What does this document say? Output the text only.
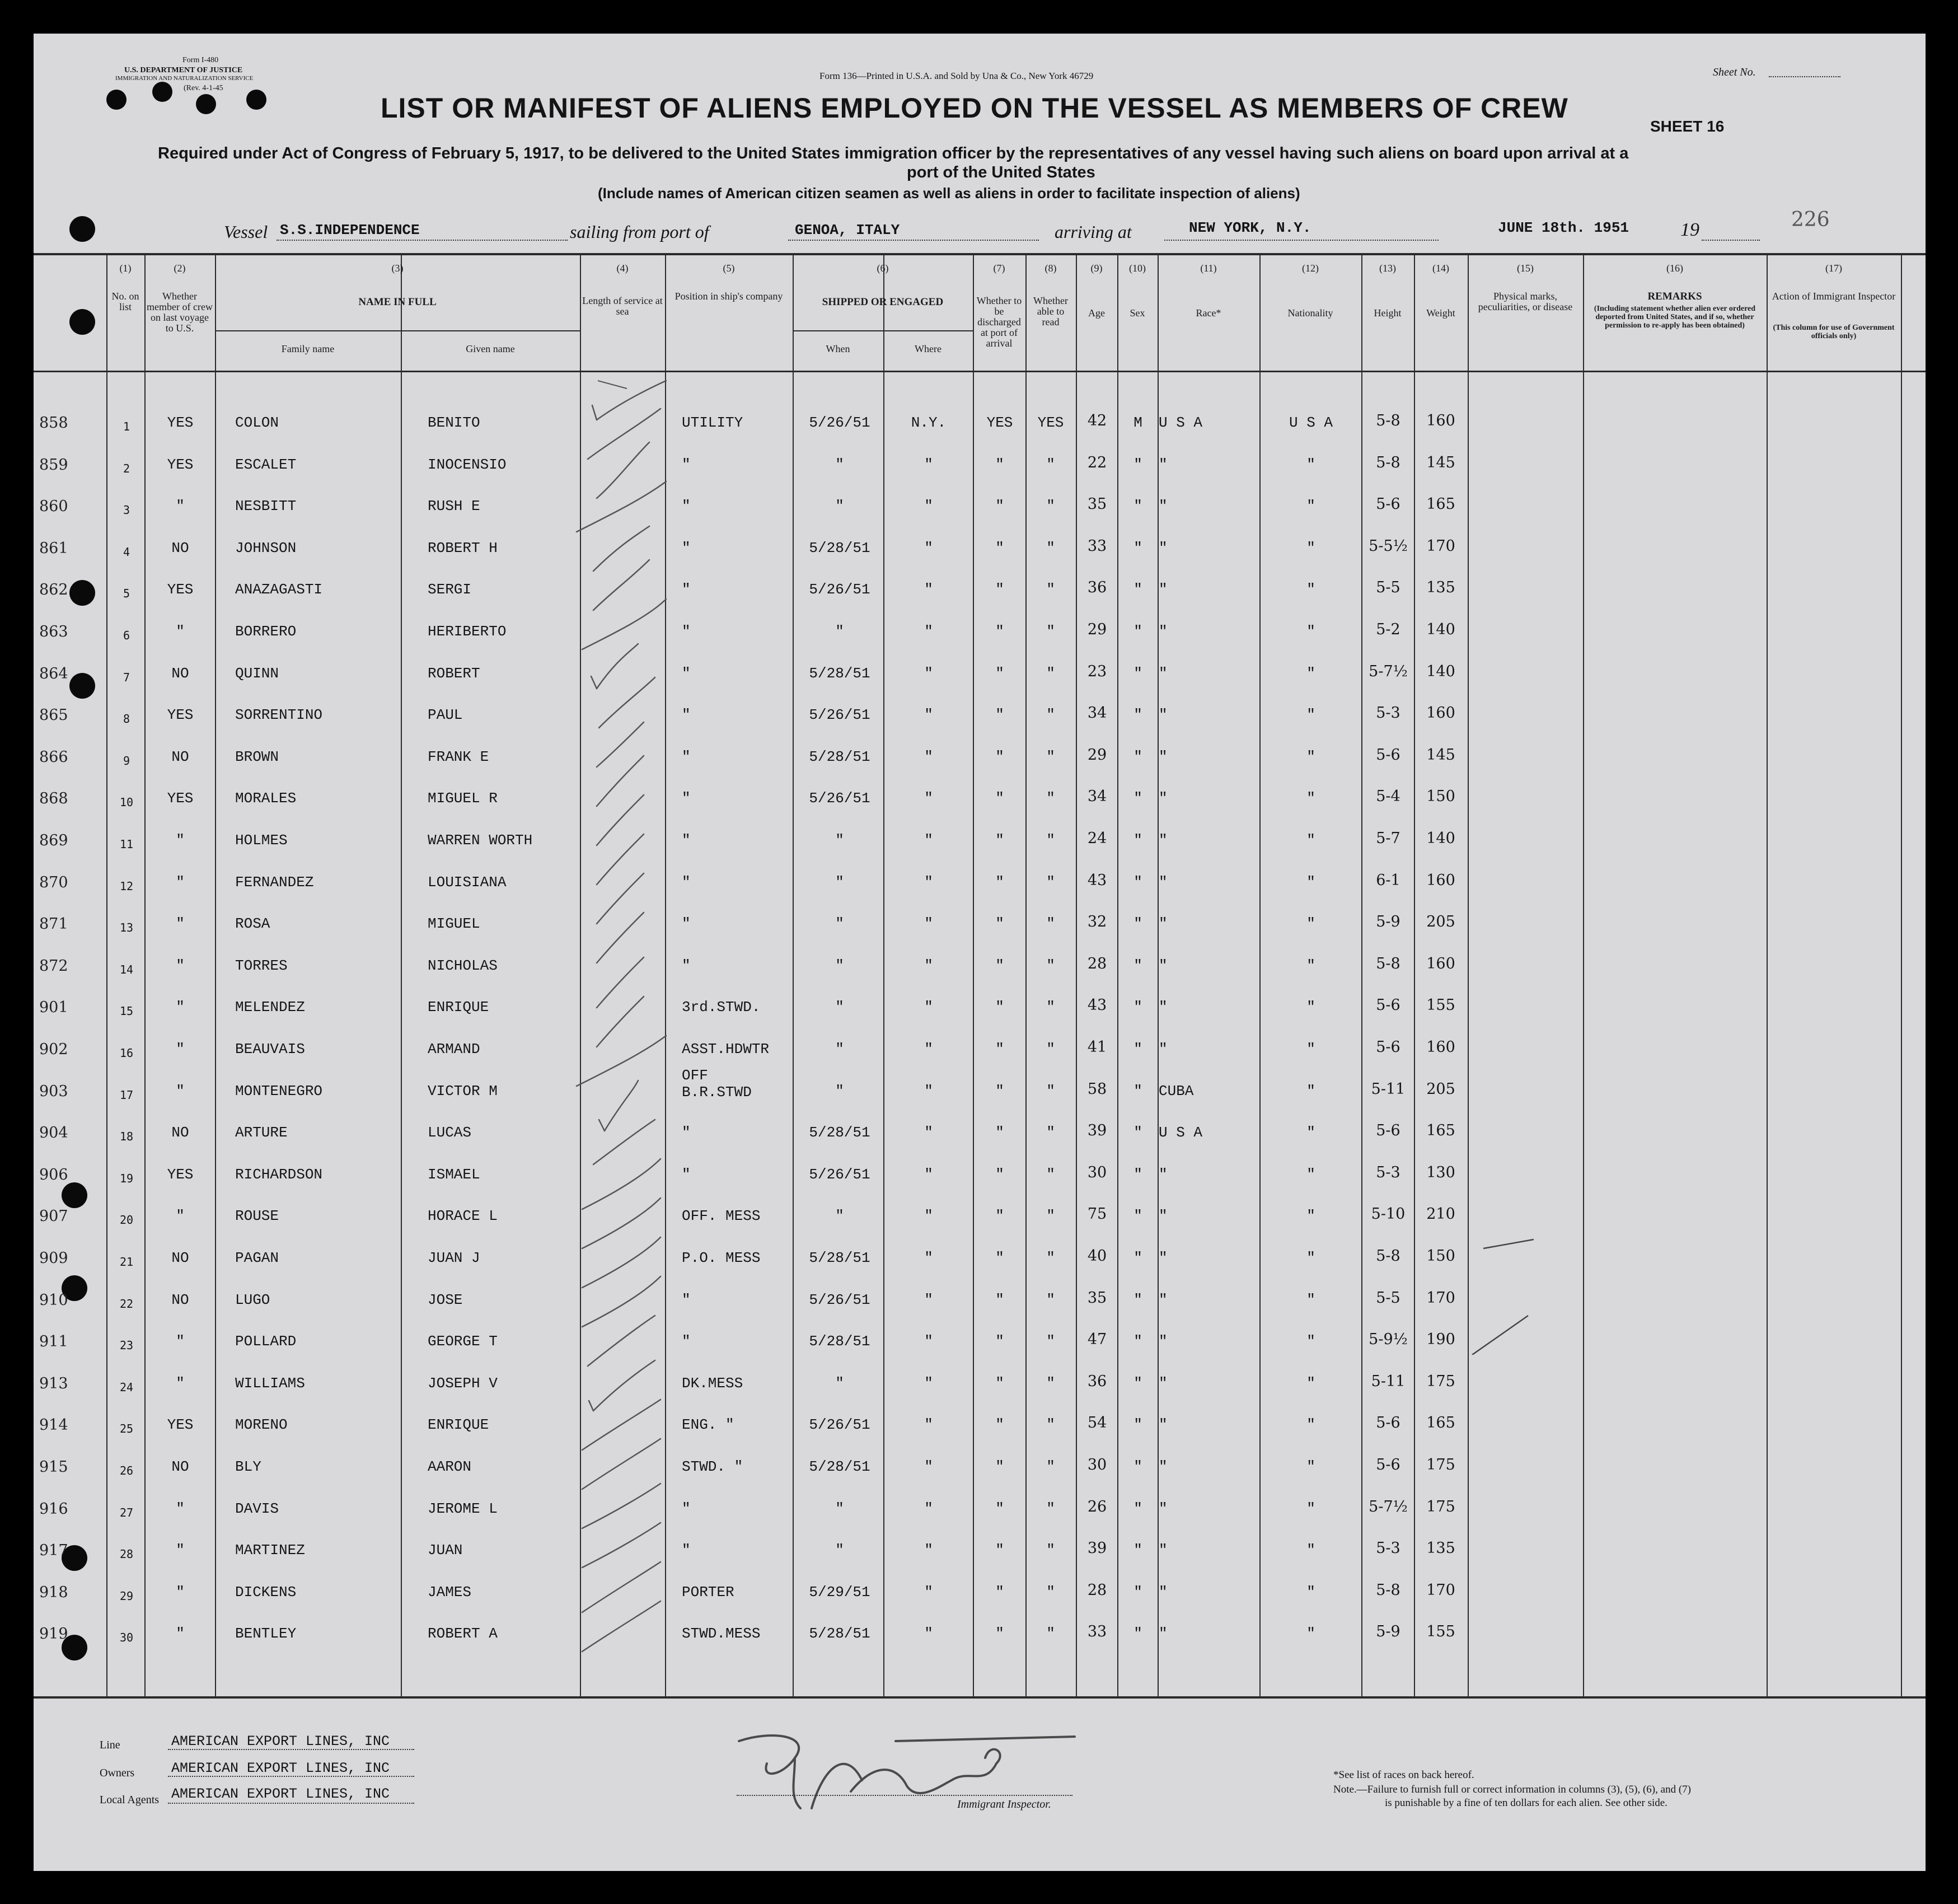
Form I-480
U.S. DEPARTMENT OF JUSTICE
IMMIGRATION AND NATURALIZATION SERVICE
(Rev. 4-1-45
Form 136—Printed in U.S.A. and Sold by Una & Co., New York 46729	Sheet No.
LIST OR MANIFEST OF ALIENS EMPLOYED ON THE VESSEL AS MEMBERS OF CREW
SHEET 16
Required under Act of Congress of February 5, 1917, to be delivered to the United States immigration officer by the representatives of any vessel having such aliens on board upon arrival at a
port of the United States
(Include names of American citizen seamen as well as aliens in order to facilitate inspection of aliens)
Vessel S.S.INDEPENDENCE	sailing from port of	GENOA, ITALY	arriving at	NEW YORK, N.Y.	JUNE 18th. 1951	19	226
(1)
No. on list
(2)
Whether member of crew on last voyage to U.S.
(3)
NAME IN FULL
(4)
Length of service at sea
(5)
Position in ship's company
(6)
SHIPPED OR ENGAGED
(7)
Whether to be discharged at port of arrival
(8)
Whether able to read
(9)
Age
(10)
Sex
(11)
Race*
(12)
Nationality
(13)
Height
(14)
Weight
(15)
Physical marks, peculiarities, or disease
(16)
REMARKS
(Including statement whether alien ever ordered deported from United States, and if so, whether permission to re-apply has been obtained)
(17)
Action of Immigrant Inspector
(This column for use of Government officials only)
Family name	Given name	When	Where
858	1	YES	COLON	BENITO	UTILITY	5/26/51	N.Y.	YES	YES	42	M	U S A	U S A	5-8	160
859	2	YES	ESCALET	INOCENSIO	"	"	"	"	"	22	"	"	"	5-8	145
860	3	"	NESBITT	RUSH E	"	"	"	"	"	35	"	"	"	5-6	165
861	4	NO	JOHNSON	ROBERT H	"	5/28/51	"	"	"	33	"	"	"	5-5½	170
862	5	YES	ANAZAGASTI	SERGI	"	5/26/51	"	"	"	36	"	"	"	5-5	135
863	6	"	BORRERO	HERIBERTO	"	"	"	"	"	29	"	"	"	5-2	140
864	7	NO	QUINN	ROBERT	"	5/28/51	"	"	"	23	"	"	"	5-7½	140
865	8	YES	SORRENTINO	PAUL	"	5/26/51	"	"	"	34	"	"	"	5-3	160
866	9	NO	BROWN	FRANK E	"	5/28/51	"	"	"	29	"	"	"	5-6	145
868	10	YES	MORALES	MIGUEL R	"	5/26/51	"	"	"	34	"	"	"	5-4	150
869	11	"	HOLMES	WARREN WORTH	"	"	"	"	"	24	"	"	"	5-7	140
870	12	"	FERNANDEZ	LOUISIANA	"	"	"	"	"	43	"	"	"	6-1	160
871	13	"	ROSA	MIGUEL	"	"	"	"	"	32	"	"	"	5-9	205
872	14	"	TORRES	NICHOLAS	"	"	"	"	"	28	"	"	"	5-8	160
901	15	"	MELENDEZ	ENRIQUE	3rd.STWD.	"	"	"	"	43	"	"	"	5-6	155
902	16	"	BEAUVAIS	ARMAND	ASST.HDWTR	"	"	"	"	41	"	"	"	5-6	160
903	17	"	MONTENEGRO	VICTOR M
OFF
B.R.STWD	"	"	"	"	58	"	CUBA	"	5-11	205
904	18	NO	ARTURE	LUCAS	"	5/28/51	"	"	"	39	"	U S A	"	5-6	165
906	19	YES	RICHARDSON	ISMAEL	"	5/26/51	"	"	"	30	"	"	"	5-3	130
907	20	"	ROUSE	HORACE L	OFF. MESS	"	"	"	"	75	"	"	"	5-10	210
909	21	NO	PAGAN	JUAN J	P.O. MESS	5/28/51	"	"	"	40	"	"	"	5-8	150
910	22	NO	LUGO	JOSE	"	5/26/51	"	"	"	35	"	"	"	5-5	170
911	23	"	POLLARD	GEORGE T	"	5/28/51	"	"	"	47	"	"	"	5-9½	190
913	24	"	WILLIAMS	JOSEPH V	DK.MESS	"	"	"	"	36	"	"	"	5-11	175
914	25	YES	MORENO	ENRIQUE	ENG. "	5/26/51	"	"	"	54	"	"	"	5-6	165
915	26	NO	BLY	AARON	STWD. "	5/28/51	"	"	"	30	"	"	"	5-6	175
916	27	"	DAVIS	JEROME L	"	"	"	"	"	26	"	"	"	5-7½	175
917	28	"	MARTINEZ	JUAN	"	"	"	"	"	39	"	"	"	5-3	135
918	29	"	DICKENS	JAMES	PORTER	5/29/51	"	"	"	28	"	"	"	5-8	170
919	30	"	BENTLEY	ROBERT A	STWD.MESS	5/28/51	"	"	"	33	"	"	"	5-9	155
Line	AMERICAN EXPORT LINES, INC
Owners	AMERICAN EXPORT LINES, INC
Local Agents AMERICAN EXPORT LINES, INC
Immigrant Inspector.
*See list of races on back hereof.
Note.—Failure to furnish full or correct information in columns (3), (5), (6), and (7)
is punishable by a fine of ten dollars for each alien. See other side.
